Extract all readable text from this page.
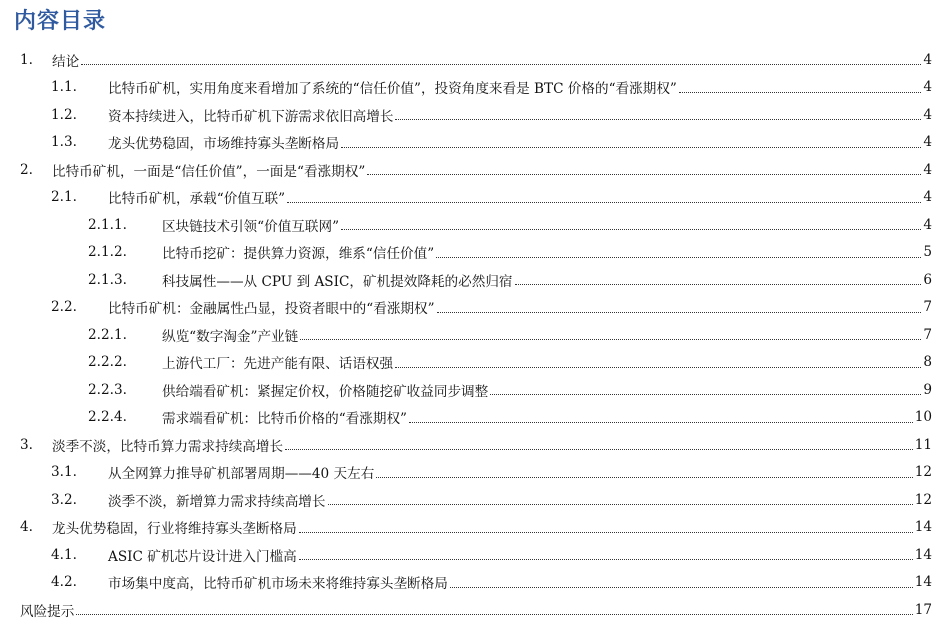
内容目录
1.	结论	4
1.1.	比特币矿机，实用角度来看增加了系统的“信任价值”，投资角度来看是 BTC 价格的“看涨期权”	4
1.2.	资本持续进入，比特币矿机下游需求依旧高增长	4
1.3.	龙头优势稳固，市场维持寡头垄断格局	4
2.	比特币矿机，一面是“信任价值”，一面是“看涨期权”	4
2.1.	比特币矿机，承载“价值互联”	4
2.1.1.	区块链技术引领“价值互联网”	4
2.1.2.	比特币挖矿：提供算力资源，维系“信任价值”	5
2.1.3.	科技属性——从 CPU 到 ASIC，矿机提效降耗的必然归宿	6
2.2.	比特币矿机：金融属性凸显，投资者眼中的“看涨期权”	7
2.2.1.	纵览“数字淘金”产业链	7
2.2.2.	上游代工厂：先进产能有限、话语权强	8
2.2.3.	供给端看矿机：紧握定价权，价格随挖矿收益同步调整	9
2.2.4.	需求端看矿机：比特币价格的“看涨期权”	10
3.	淡季不淡，比特币算力需求持续高增长	11
3.1.	从全网算力推导矿机部署周期——40 天左右	12
3.2.	淡季不淡，新增算力需求持续高增长	12
4.	龙头优势稳固，行业将维持寡头垄断格局	14
4.1.	ASIC 矿机芯片设计进入门槛高	14
4.2.	市场集中度高，比特币矿机市场未来将维持寡头垄断格局	14
风险提示	17
